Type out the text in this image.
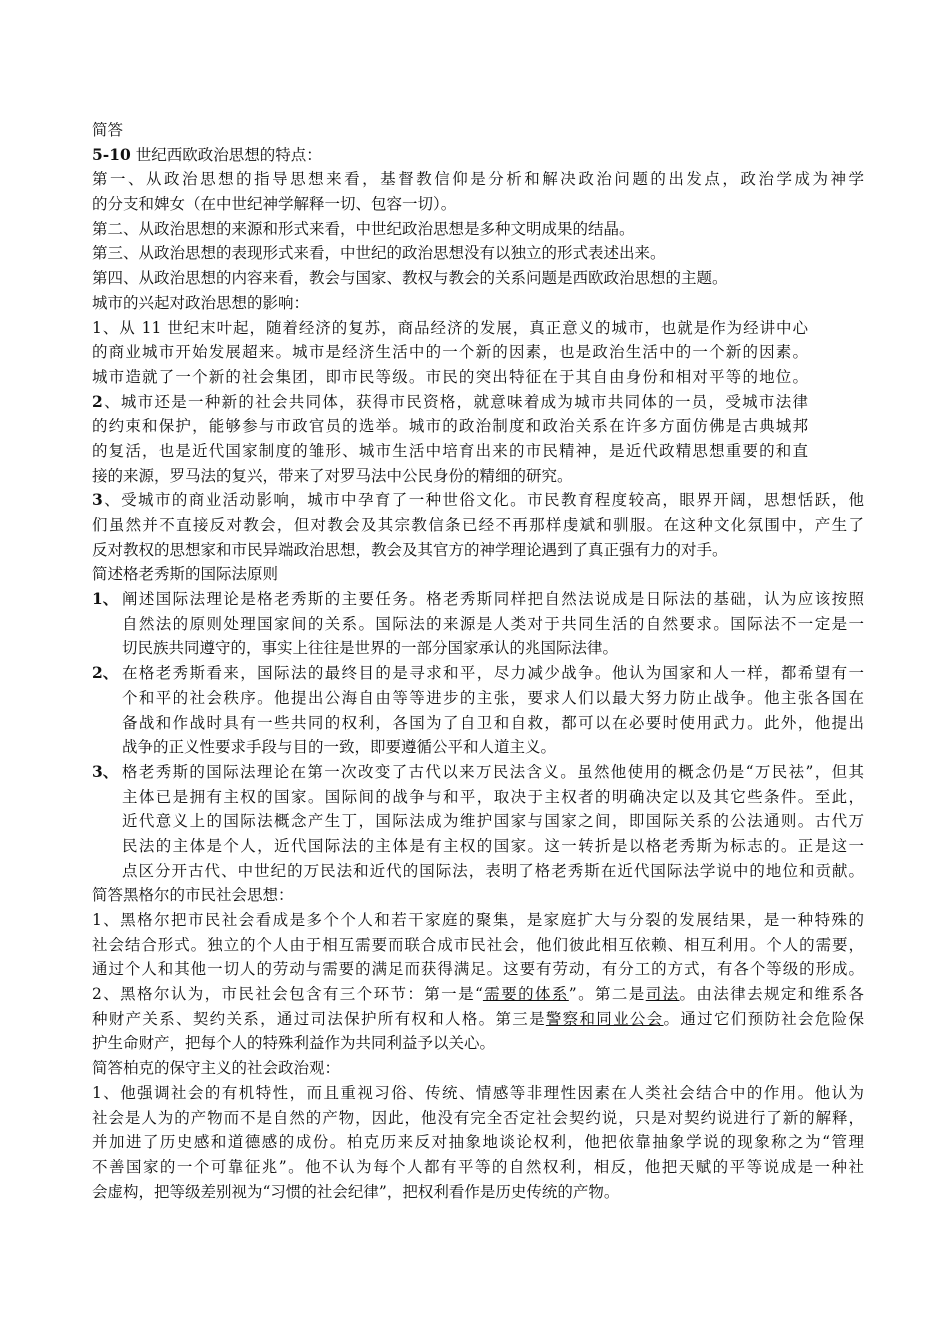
简答
5-10 世纪西欧政治思想的特点：
第一、从政治思想的指导思想来看，基督教信仰是分析和解决政治问题的出发点，政治学成为神学
的分支和婢女（在中世纪神学解释一切、包容一切）。
第二、从政治思想的来源和形式来看，中世纪政治思想是多种文明成果的结晶。
第三、从政治思想的表现形式来看，中世纪的政治思想没有以独立的形式表述出来。
第四、从政治思想的内容来看，教会与国家、教权与教会的关系问题是西欧政治思想的主题。
城市的兴起对政治思想的影响：
1、从 11 世纪末叶起，随着经济的复苏，商品经济的发展，真正意义的城市，也就是作为经讲中心
的商业城市开始发展超来。城市是经济生活中的一个新的因素，也是政治生活中的一个新的因素。
城市造就了一个新的社会集团，即市民等级。市民的突出特征在于其自由身份和相对平等的地位。
2、城市还是一种新的社会共同体，获得市民资格，就意味着成为城市共同体的一员，受城市法律
的约束和保护，能够参与市政官员的选举。城市的政治制度和政治关系在许多方面仿佛是古典城邦
的复活，也是近代国家制度的雏形、城市生活中培育出来的市民精神，是近代政精思想重要的和直
接的来源，罗马法的复兴，带来了对罗马法中公民身份的精细的研究。
3、受城市的商业活动影响，城市中孕育了一种世俗文化。市民教育程度较高，眼界开阔，思想恬跃，他
们虽然并不直接反对教会，但对教会及其宗教信条已经不再那样虔斌和驯服。在这种文化氛围中，产生了
反对教权的思想家和市民异端政治思想，教会及其官方的神学理论遇到了真正强有力的对手。
简述格老秀斯的国际法原则
1、 阐述国际法理论是格老秀斯的主要任务。格老秀斯同样把自然法说成是日际法的基础，认为应该按照
自然法的原则处理国家间的关系。国际法的来源是人类对于共同生活的自然要求。国际法不一定是一
切民族共同遵守的，事实上往往是世界的一部分国家承认的兆国际法律。
2、 在格老秀斯看来，国际法的最终目的是寻求和平，尽力减少战争。他认为国家和人一样，都希望有一
个和平的社会秩序。他提出公海自由等等进步的主张，要求人们以最大努力防止战争。他主张各国在
备战和作战时具有一些共同的权利，各国为了自卫和自救，都可以在必要时使用武力。此外，他提出
战争的正义性要求手段与目的一致，即要遵循公平和人道主义。
3、 格老秀斯的国际法理论在第一次改变了古代以来万民法含义。虽然他使用的概念仍是“万民祛”，但其
主体已是拥有主权的国家。国际间的战争与和平，取决于主权者的明确决定以及其它些条件。至此，
近代意义上的国际法概念产生丁，国际法成为维护国家与国家之间，即国际关系的公法通则。古代万
民法的主体是个人，近代国际法的主体是有主权的国家。这一转折是以格老秀斯为标志的。正是这一
点区分开古代、中世纪的万民法和近代的国际法，表明了格老秀斯在近代国际法学说中的地位和贡献。
简答黑格尔的市民社会思想：
1、黑格尔把市民社会看成是多个个人和若干家庭的聚集，是家庭扩大与分裂的发展结果，是一种特殊的
社会结合形式。独立的个人由于相互需要而联合成市民社会，他们彼此相互依赖、相互利用。个人的需要，
通过个人和其他一切人的劳动与需要的满足而获得满足。这要有劳动，有分工的方式，有各个等级的形成。
2、黑格尔认为，市民社会包含有三个环节：第一是“需要的体系”。第二是司法。由法律去规定和维系各
种财产关系、契约关系，通过司法保护所有权和人格。第三是警察和同业公会。通过它们预防社会危险保
护生命财产，把每个人的特殊利益作为共同利益予以关心。
简答柏克的保守主义的社会政治观：
1、他强调社会的有机特性，而且重视习俗、传统、情感等非理性因素在人类社会结合中的作用。他认为
社会是人为的产物而不是自然的产物，因此，他没有完全否定社会契约说，只是对契约说进行了新的解释，
并加进了历史感和道德感的成份。柏克历来反对抽象地谈论权利，他把依靠抽象学说的现象称之为“管理
不善国家的一个可靠征兆”。他不认为每个人都有平等的自然权利，相反，他把天赋的平等说成是一种社
会虚构，把等级差别视为“习惯的社会纪律”，把权利看作是历史传统的产物。
